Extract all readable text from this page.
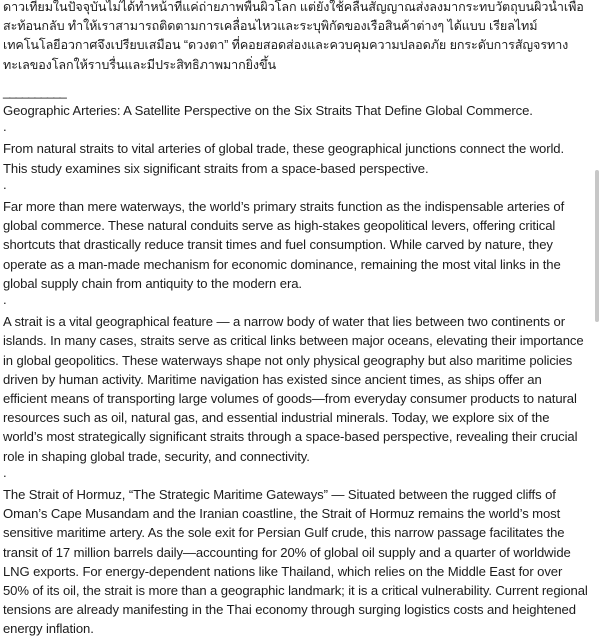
ดาวเทียมในปัจจุบันไม่ได้ทำหน้าที่แค่ถ่ายภาพพื้นผิวโลก แต่ยังใช้คลื่นสัญญาณส่งลงมากระทบวัตถุบนผิวน้ำเพื่อสะท้อนกลับ ทำให้เราสามารถติดตามการเคลื่อนไหวและระบุพิกัดของเรือสินค้าต่างๆ ได้แบบ เรียลไทม์ เทคโนโลยีอวกาศจึงเปรียบเสมือน “ดวงตา” ที่คอยสอดส่องและควบคุมความปลอดภัย ยกระดับการสัญจรทางทะเลของโลกให้ราบรื่นและมีประสิทธิภาพมากยิ่งขึ้น

__________

Geographic Arteries: A Satellite Perspective on the Six Straits That Define Global Commerce.

.

From natural straits to vital arteries of global trade, these geographical junctions connect the world. This study examines six significant straits from a space-based perspective.

.

Far more than mere waterways, the world’s primary straits function as the indispensable arteries of global commerce. These natural conduits serve as high-stakes geopolitical levers, offering critical shortcuts that drastically reduce transit times and fuel consumption. While carved by nature, they operate as a man-made mechanism for economic dominance, remaining the most vital links in the global supply chain from antiquity to the modern era.

.

A strait is a vital geographical feature — a narrow body of water that lies between two continents or islands. In many cases, straits serve as critical links between major oceans, elevating their importance in global geopolitics. These waterways shape not only physical geography but also maritime policies driven by human activity. Maritime navigation has existed since ancient times, as ships offer an efficient means of transporting large volumes of goods—from everyday consumer products to natural resources such as oil, natural gas, and essential industrial minerals. Today, we explore six of the world’s most strategically significant straits through a space-based perspective, revealing their crucial role in shaping global trade, security, and connectivity.

.

The Strait of Hormuz, “The Strategic Maritime Gateways” — Situated between the rugged cliffs of Oman’s Cape Musandam and the Iranian coastline, the Strait of Hormuz remains the world’s most sensitive maritime artery. As the sole exit for Persian Gulf crude, this narrow passage facilitates the transit of 17 million barrels daily—accounting for 20% of global oil supply and a quarter of worldwide LNG exports. For energy-dependent nations like Thailand, which relies on the Middle East for over 50% of its oil, the strait is more than a geographic landmark; it is a critical vulnerability. Current regional tensions are already manifesting in the Thai economy through surging logistics costs and heightened energy inflation.
